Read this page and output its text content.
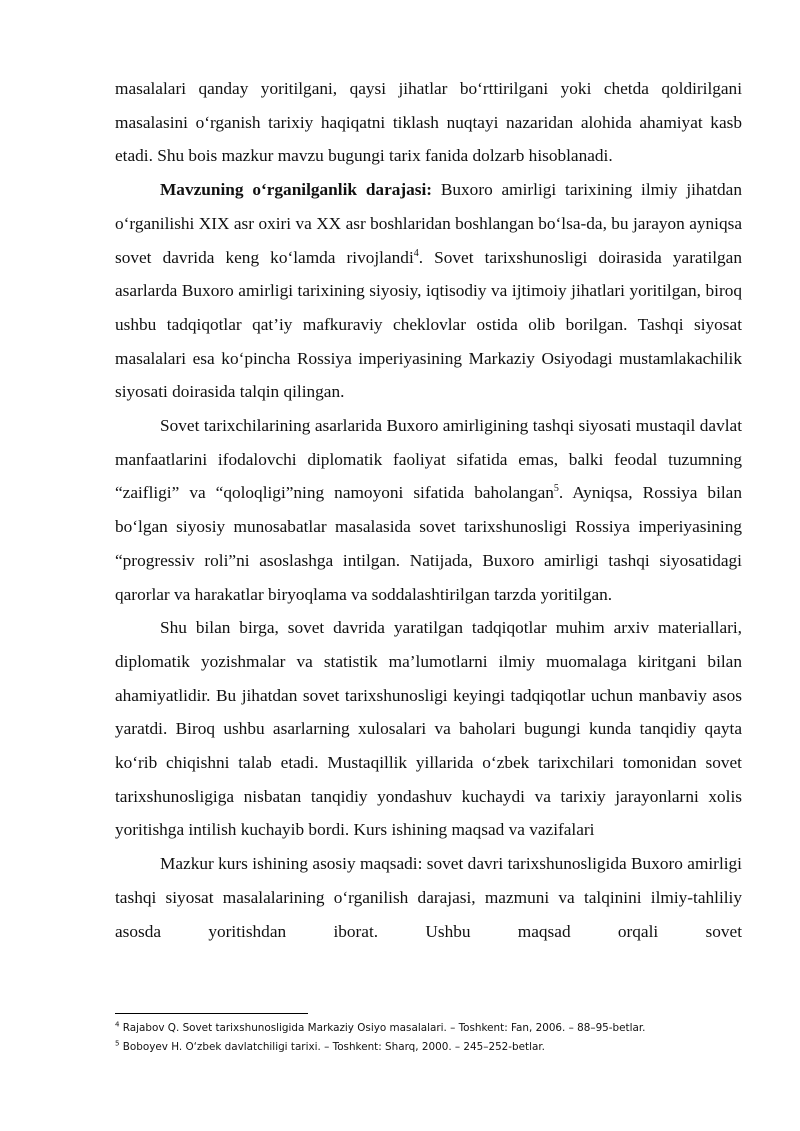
masalalari qanday yoritilgani, qaysi jihatlar bo‘rttirilgani yoki chetda qoldirilgani masalasini o‘rganish tarixiy haqiqatni tiklash nuqtayi nazaridan alohida ahamiyat kasb etadi. Shu bois mazkur mavzu bugungi tarix fanida dolzarb hisoblanadi.

Mavzuning o‘rganilganlik darajasi: Buxoro amirligi tarixining ilmiy jihatdan o‘rganilishi XIX asr oxiri va XX asr boshlaridan boshlangan bo‘lsa-da, bu jarayon ayniqsa sovet davrida keng ko‘lamda rivojlandi$^4$. Sovet tarixshunosligi doirasida yaratilgan asarlarda Buxoro amirligi tarixining siyosiy, iqtisodiy va ijtimoiy jihatlari yoritilgan, biroq ushbu tadqiqotlar qat’iy mafkuraviy cheklovlar ostida olib borilgan. Tashqi siyosat masalalari esa ko‘pincha Rossiya imperiyasining Markaziy Osiyodagi mustamlakachilik siyosati doirasida talqin qilingan.

Sovet tarixchilarining asarlarida Buxoro amirligining tashqi siyosati mustaqil davlat manfaatlarini ifodalovchi diplomatik faoliyat sifatida emas, balki feodal tuzumning “zaifligi” va “qoloqligi”ning namoyoni sifatida baholangan$^5$. Ayniqsa, Rossiya bilan bo‘lgan siyosiy munosabatlar masalasida sovet tarixshunosligi Rossiya imperiyasining “progressiv roli”ni asoslashga intilgan. Natijada, Buxoro amirligi tashqi siyosatidagi qarorlar va harakatlar biryoqlama va soddalashtirilgan tarzda yoritilgan.

Shu bilan birga, sovet davrida yaratilgan tadqiqotlar muhim arxiv materiallari, diplomatik yozishmalar va statistik ma’lumotlarni ilmiy muomalaga kiritgani bilan ahamiyatlidir. Bu jihatdan sovet tarixshunosligi keyingi tadqiqotlar uchun manbaviy asos yaratdi. Biroq ushbu asarlarning xulosalari va baholari bugungi kunda tanqidiy qayta ko‘rib chiqishni talab etadi. Mustaqillik yillarida o‘zbek tarixchilari tomonidan sovet tarixshunosligiga nisbatan tanqidiy yondashuv kuchaydi va tarixiy jarayonlarni xolis yoritishga intilish kuchayib bordi. Kurs ishining maqsad va vazifalari

Mazkur kurs ishining asosiy maqsadi: sovet davri tarixshunosligida Buxoro amirligi tashqi siyosat masalalarining o‘rganilish darajasi, mazmuni va talqinini ilmiy-tahliliy asosda yoritishdan iborat. Ushbu maqsad orqali sovet

$^4$ Rajabov Q. Sovet tarixshunosligida Markaziy Osiyo masalalari. – Toshkent: Fan, 2006. – 88–95-betlar.
$^5$ Boboyev H. O‘zbek davlatchiligi tarixi. – Toshkent: Sharq, 2000. – 245–252-betlar.
